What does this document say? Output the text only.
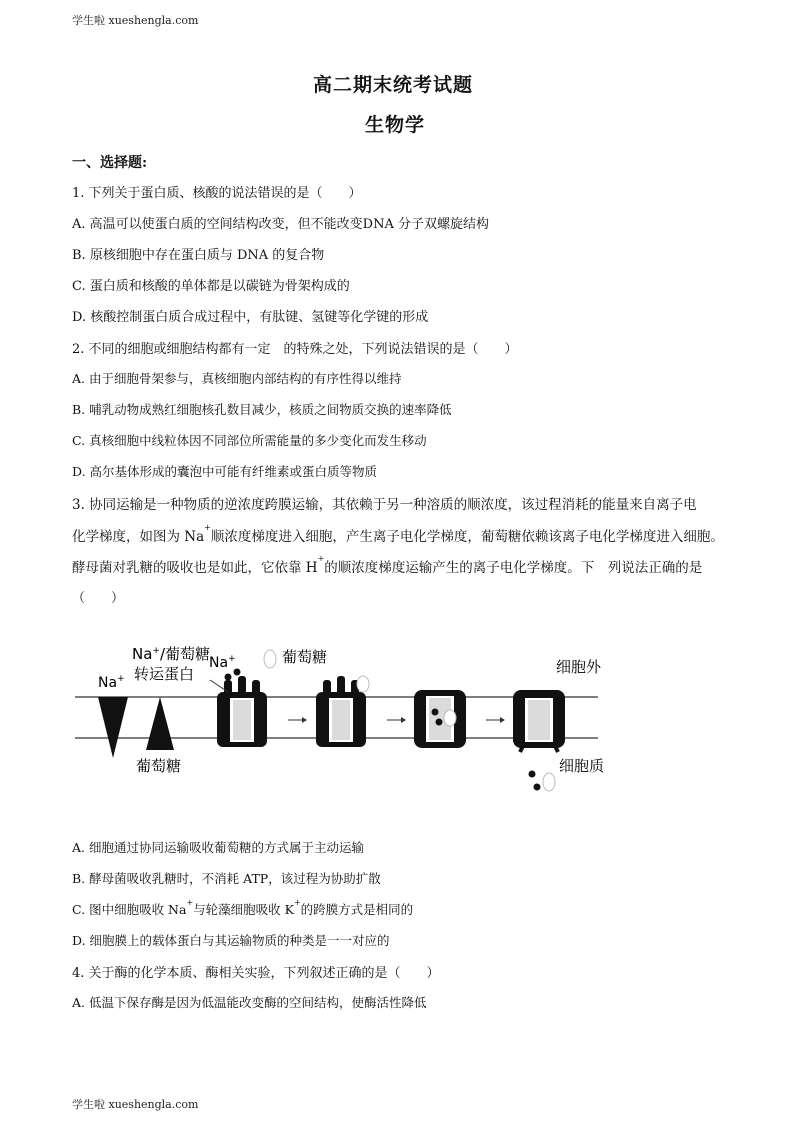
学生啦 xueshengla.com
高二期末统考试题
生物学
一、选择题:
1. 下列关于蛋白质、核酸的说法错误的是（　　）
A. 高温可以使蛋白质的空间结构改变，但不能改变DNA 分子双螺旋结构
B. 原核细胞中存在蛋白质与 DNA 的复合物
C. 蛋白质和核酸的单体都是以碳链为骨架构成的
D. 核酸控制蛋白质合成过程中，有肽键、氢键等化学键的形成
2. 不同的细胞或细胞结构都有一定　的特殊之处，下列说法错误的是（　　）
A. 由于细胞骨架参与，真核细胞内部结构的有序性得以维持
B. 哺乳动物成熟红细胞核孔数目减少，核质之间物质交换的速率降低
C. 真核细胞中线粒体因不同部位所需能量的多少变化而发生移动
D. 高尔基体形成的囊泡中可能有纤维素或蛋白质等物质
3. 协同运输是一种物质的逆浓度跨膜运输，其依赖于另一种溶质的顺浓度，该过程消耗的能量来自离子电
化学梯度，如图为 Na+顺浓度梯度进入细胞，产生离子电化学梯度，葡萄糖依赖该离子电化学梯度进入细胞。
酵母菌对乳糖的吸收也是如此，它依靠 H+的顺浓度梯度运输产生的离子电化学梯度。下　列说法正确的是
（　　）
Na+/葡萄糖
转运蛋白
Na+
Na+	葡萄糖
葡萄糖
细胞外
细胞质
A. 细胞通过协同运输吸收葡萄糖的方式属于主动运输
B. 酵母菌吸收乳糖时，不消耗 ATP，该过程为协助扩散
C. 图中细胞吸收 Na+与轮藻细胞吸收 K+的跨膜方式是相同的
D. 细胞膜上的载体蛋白与其运输物质的种类是一一对应的
4. 关于酶的化学本质、酶相关实验，下列叙述正确的是（　　）
A. 低温下保存酶是因为低温能改变酶的空间结构，使酶活性降低
学生啦 xueshengla.com
